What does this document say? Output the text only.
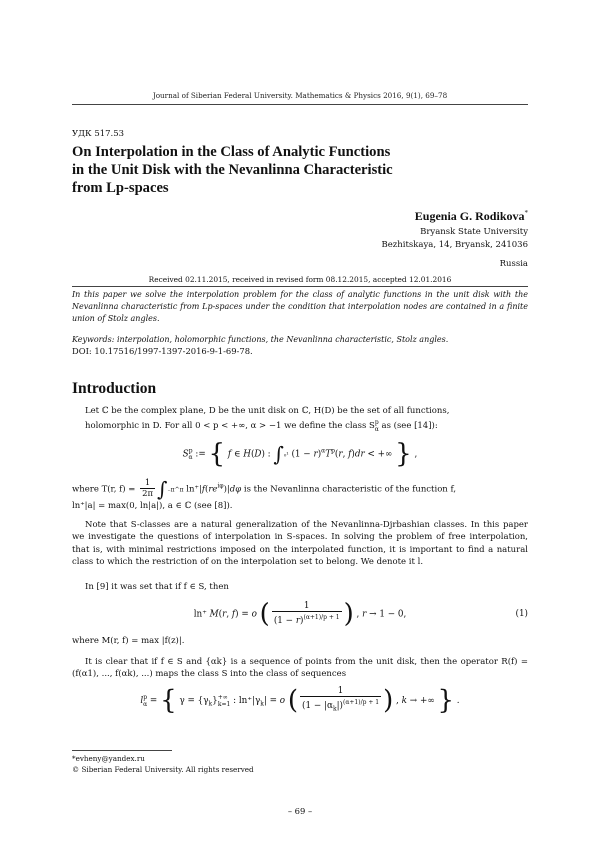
Journal of Siberian Federal University. Mathematics & Physics 2016, 9(1), 69–78
УДК 517.53
On Interpolation in the Class of Analytic Functions
in the Unit Disk with the Nevanlinna Characteristic
from Lp-spaces
Eugenia G. Rodikova*
Bryansk State University
Bezhitskaya, 14, Bryansk, 241036
Russia
Received 02.11.2015, received in revised form 08.12.2015, accepted 12.01.2016
In this paper we solve the interpolation problem for the class of analytic functions in the unit disk with the Nevanlinna characteristic from Lp-spaces under the condition that interpolation nodes are contained in a finite union of Stolz angles.
Keywords: interpolation, holomorphic functions, the Nevanlinna characteristic, Stolz angles.
DOI: 10.17516/1997-1397-2016-9-1-69-78.
Introduction
Let ℂ be the complex plane, D be the unit disk on ℂ, H(D) be the set of all functions,
holomorphic in D. For all 0 < p < +∞, α > −1 we define the class $S^p_\alpha$ as (see [14]):
$S^p_\alpha$ := { f ∈ H(D) : ∫₀¹ $(1 - r)^\alpha T^p(r$, f)dr < +∞ } ,
where T(r, $f) = \frac{1}{2\pi}$ ∫₋π^π $\ln^+|f(re^{i\varphi})|d\varphi$ is the Nevanlinna characteristic of the function f,
ln⁺|a| = max(0, ln|a|), a ∈ ℂ (see [8]).
Note that S-classes are a natural generalization of the Nevanlinna-Djrbashian classes. In this paper we investigate the questions of interpolation in S-spaces. In solving the problem of free interpolation, that is, with minimal restrictions imposed on the interpolated function, it is important to find a natural class to which the restriction of on the interpolation set to belong. We denote it l.
In [9] it was set that if f ∈ S, then
ln⁺ M(r, f) = o ( $\frac{1}{(1 - r)^{(\alpha+1)/p + 1}}$ ) , r → 1 − 0,	(1)
where M(r, f) = max |f(z)|.
It is clear that if f ∈ S and {αk} is a sequence of points from the unit disk, then the operator R(f) = (f(α1), ..., f(αk), ...) maps the class S into the class of sequences
$l^p_\alpha$ = { $\gamma = \{\gamma_k\}^{+\infty}_{k=1}$ : $\ln^+|\gamma_k| = o$ ( $\frac{1}{(1 - |\alpha_k|)^{(\alpha+1)/p + 1}}$ ) , k → +∞ } .
*evheny@yandex.ru
© Siberian Federal University. All rights reserved
– 69 –
